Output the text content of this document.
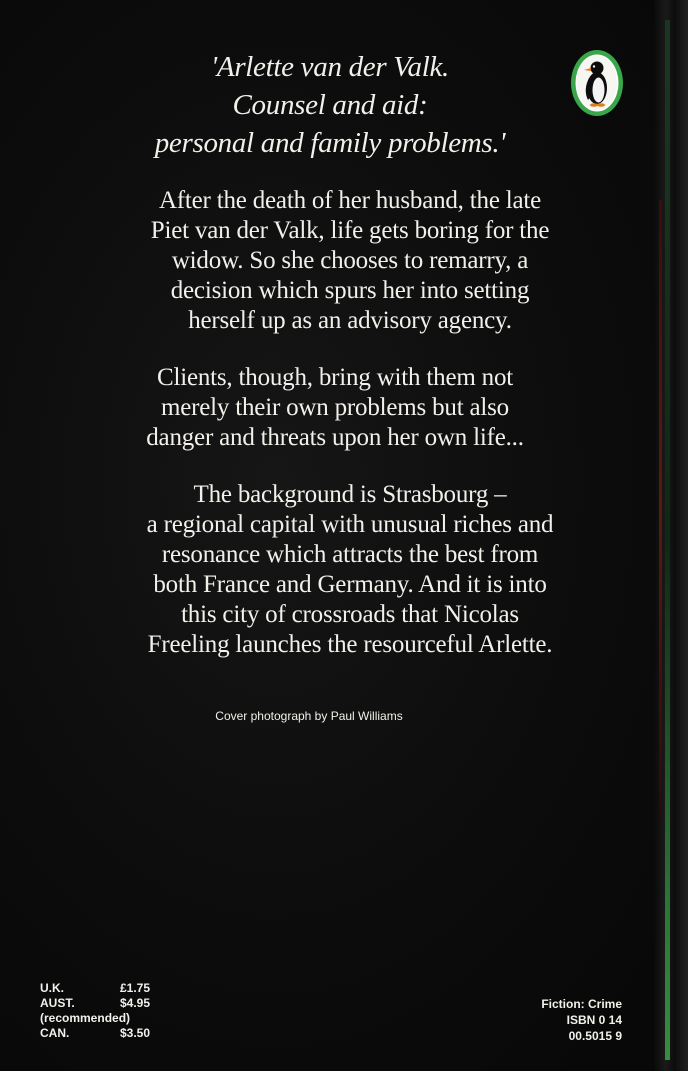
'Arlette van der Valk.
Counsel and aid:
personal and family problems.'
After the death of her husband, the late
Piet van der Valk, life gets boring for the
widow. So she chooses to remarry, a
decision which spurs her into setting
herself up as an advisory agency.
Clients, though, bring with them not
merely their own problems but also
danger and threats upon her own life...
The background is Strasbourg –
a regional capital with unusual riches and
resonance which attracts the best from
both France and Germany. And it is into
this city of crossroads that Nicolas
Freeling launches the resourceful Arlette.
Cover photograph by Paul Williams
U.K.	£1.75
AUST.	$4.95
(recommended)
CAN.	$3.50
Fiction: Crime
ISBN 0 14
00.5015 9
